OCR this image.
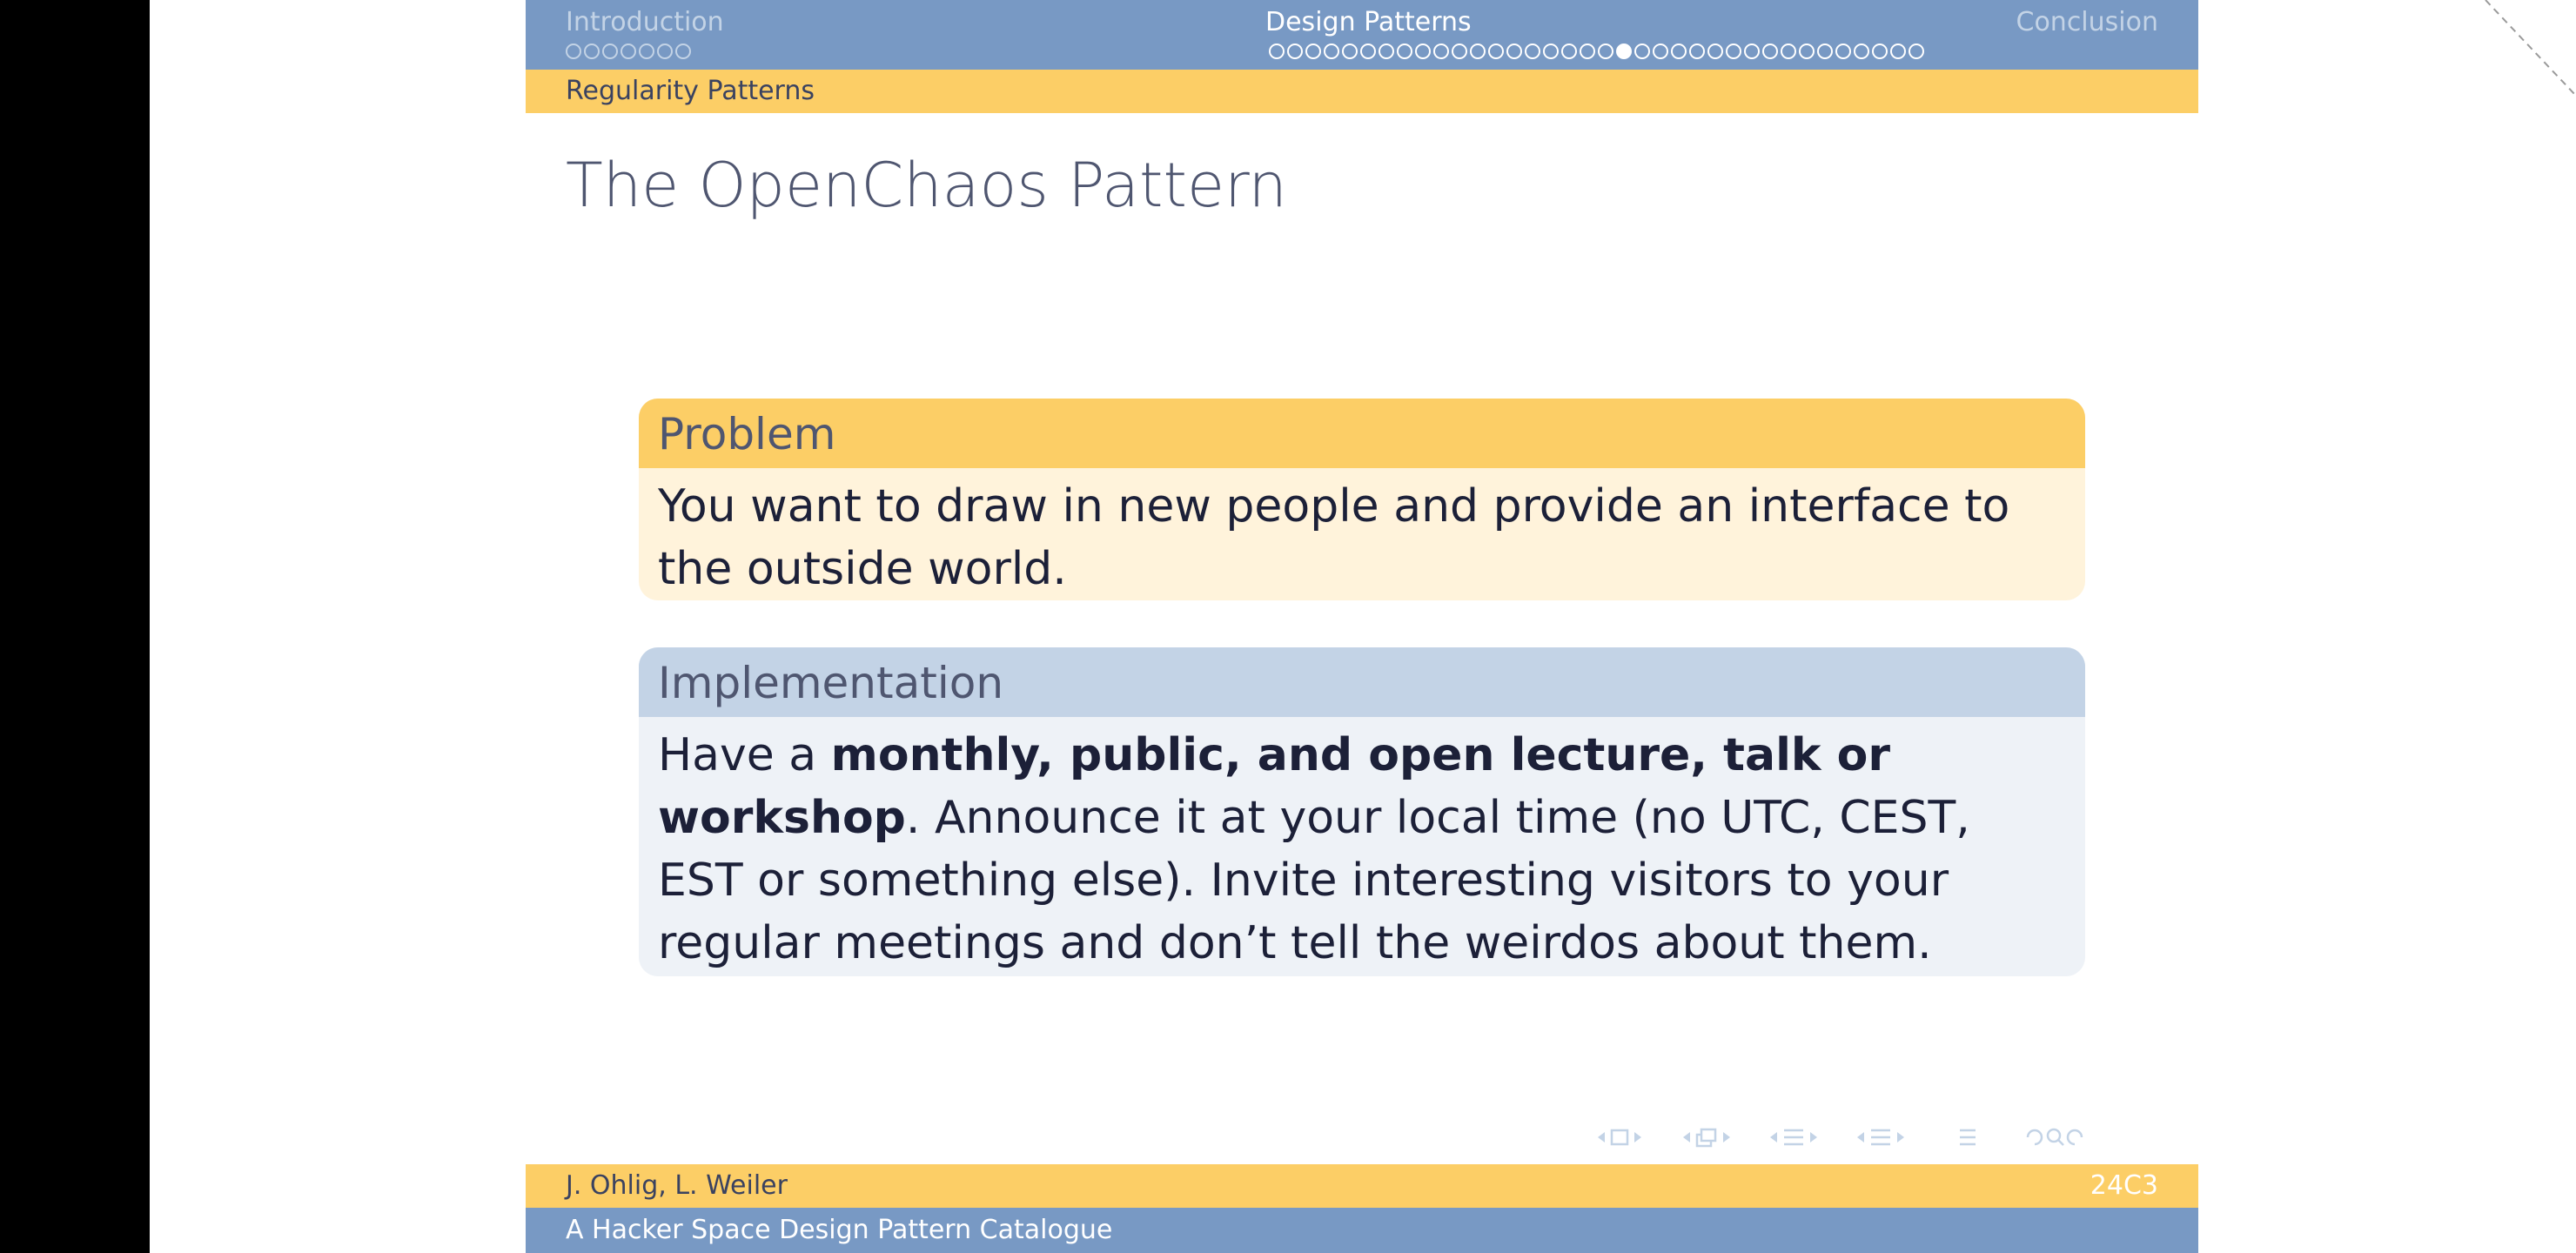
Introduction	Design Patterns	Conclusion
Regularity Patterns
The OpenChaos Pattern
Problem
You want to draw in new people and provide an interface to the outside world.
Implementation
Have a monthly, public, and open lecture, talk or workshop. Announce it at your local time (no UTC, CEST, EST or something else). Invite interesting visitors to your regular meetings and don’t tell the weirdos about them.
J. Ohlig, L. Weiler	24C3
A Hacker Space Design Pattern Catalogue
